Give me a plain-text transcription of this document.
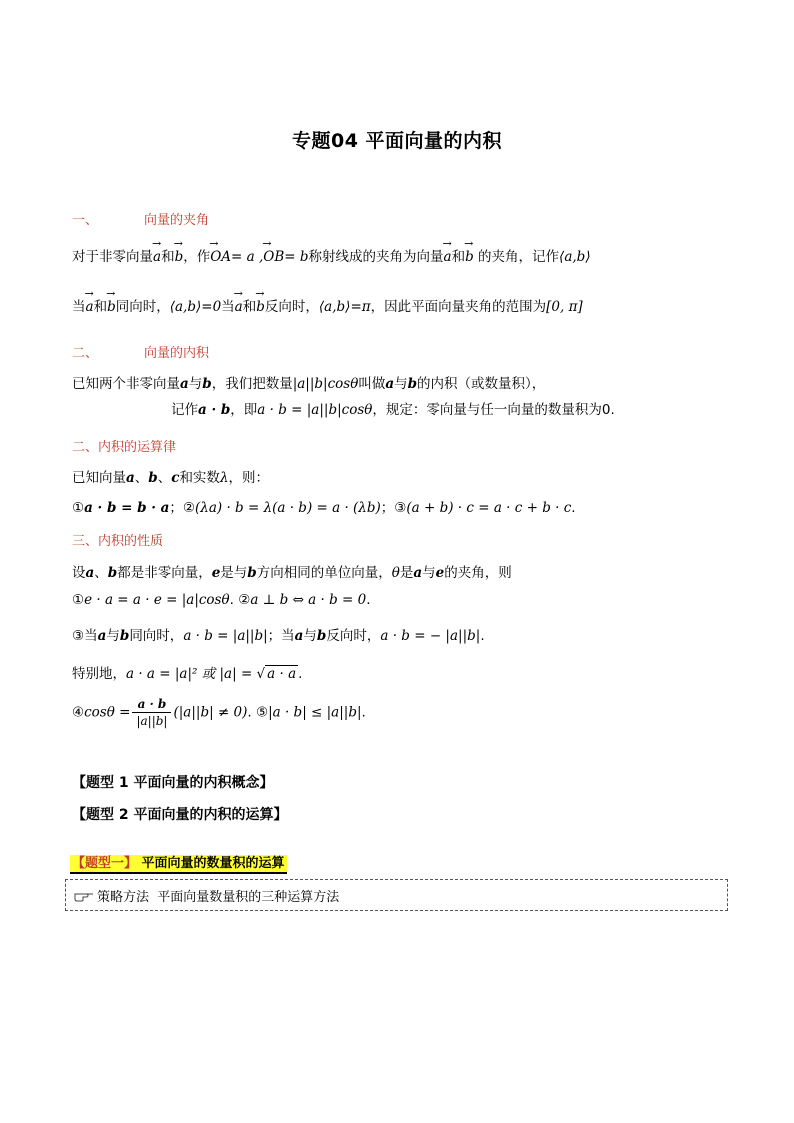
专题04 平面向量的内积
一、	向量的夹角
对于非零向量→ a和→ b，作→ OA= a ,→ OB= b称射线成的夹角为向量→ a和→ b 的夹角，记作⟨a,b⟩
当→ a和→ b同向时，⟨a,b⟩=0当→ a和→ b反向时，⟨a,b⟩=π，因此平面向量夹角的范围为[0, π]
二、	向量的内积
已知两个非零向量a与b，我们把数量|a||b|cosθ叫做a与b的内积（或数量积），
记作a · b，即a · b = |a||b|cosθ，规定：零向量与任一向量的数量积为0.
二、内积的运算律
已知向量a、b、c和实数λ，则：
①a · b = b · a；②(λa) · b = λ(a · b) = a · (λb)；③(a + b) · c = a · c + b · c.
三、内积的性质
设a、b都是非零向量，e是与b方向相同的单位向量，θ是a与e的夹角，则
①e · a = a · e = |a|cosθ. ②a ⊥ b ⇔ a · b = 0.
③当a与b同向时，a · b = |a||b|；当a与b反向时，a · b = − |a||b|.
特别地，a · a = |a|² 或 |a| = √ a · a .
④cosθ = $\frac{a \cdot b}{|a||b|} (|a||b| \ne 0)$. ⑤|a · b| ≤ |a||b|.
【题型 1 平面向量的内积概念】
【题型 2 平面向量的内积的运算】
【题型一】 平面向量的数量积的运算
策略方法 平面向量数量积的三种运算方法
